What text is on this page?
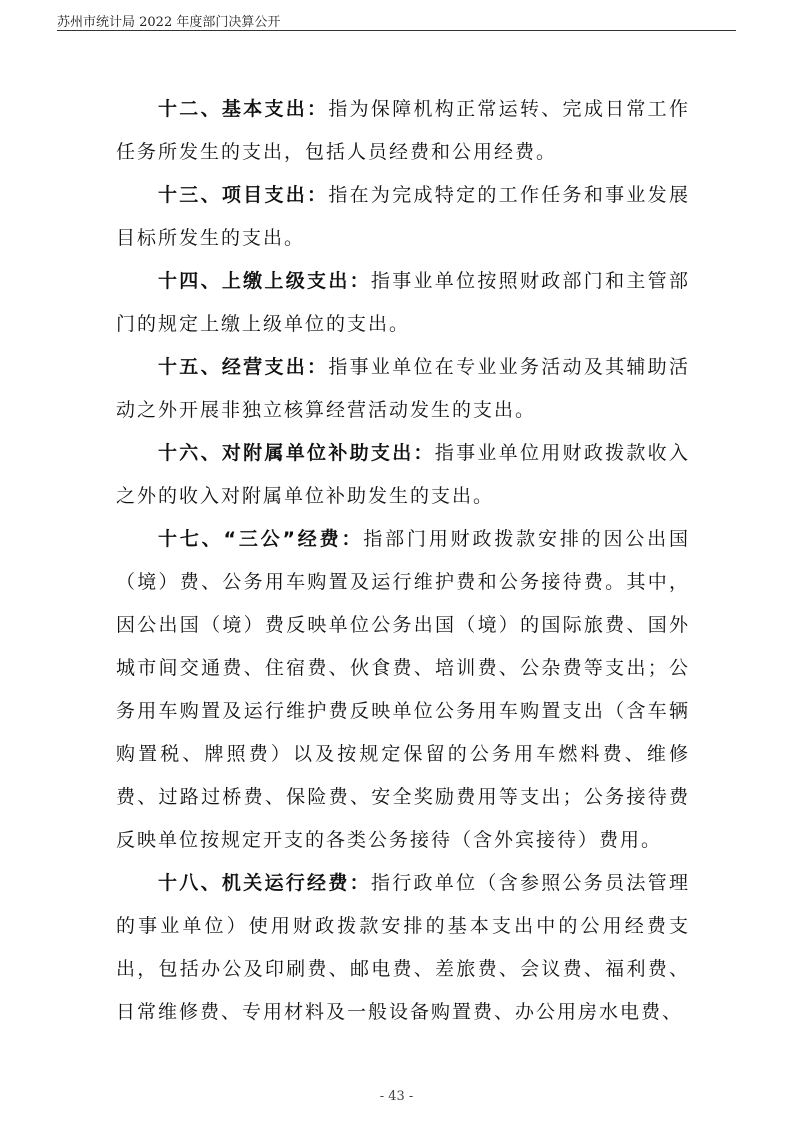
苏州市统计局 2022 年度部门决算公开

十二、基本支出：指为保障机构正常运转、完成日常工作任务所发生的支出，包括人员经费和公用经费。

十三、项目支出：指在为完成特定的工作任务和事业发展目标所发生的支出。

十四、上缴上级支出：指事业单位按照财政部门和主管部门的规定上缴上级单位的支出。

十五、经营支出：指事业单位在专业业务活动及其辅助活动之外开展非独立核算经营活动发生的支出。

十六、对附属单位补助支出：指事业单位用财政拨款收入之外的收入对附属单位补助发生的支出。

十七、“三公”经费：指部门用财政拨款安排的因公出国（境）费、公务用车购置及运行维护费和公务接待费。其中，因公出国（境）费反映单位公务出国（境）的国际旅费、国外城市间交通费、住宿费、伙食费、培训费、公杂费等支出；公务用车购置及运行维护费反映单位公务用车购置支出（含车辆购置税、牌照费）以及按规定保留的公务用车燃料费、维修费、过路过桥费、保险费、安全奖励费用等支出；公务接待费反映单位按规定开支的各类公务接待（含外宾接待）费用。

十八、机关运行经费：指行政单位（含参照公务员法管理的事业单位）使用财政拨款安排的基本支出中的公用经费支出，包括办公及印刷费、邮电费、差旅费、会议费、福利费、日常维修费、专用材料及一般设备购置费、办公用房水电费、

- 43 -
